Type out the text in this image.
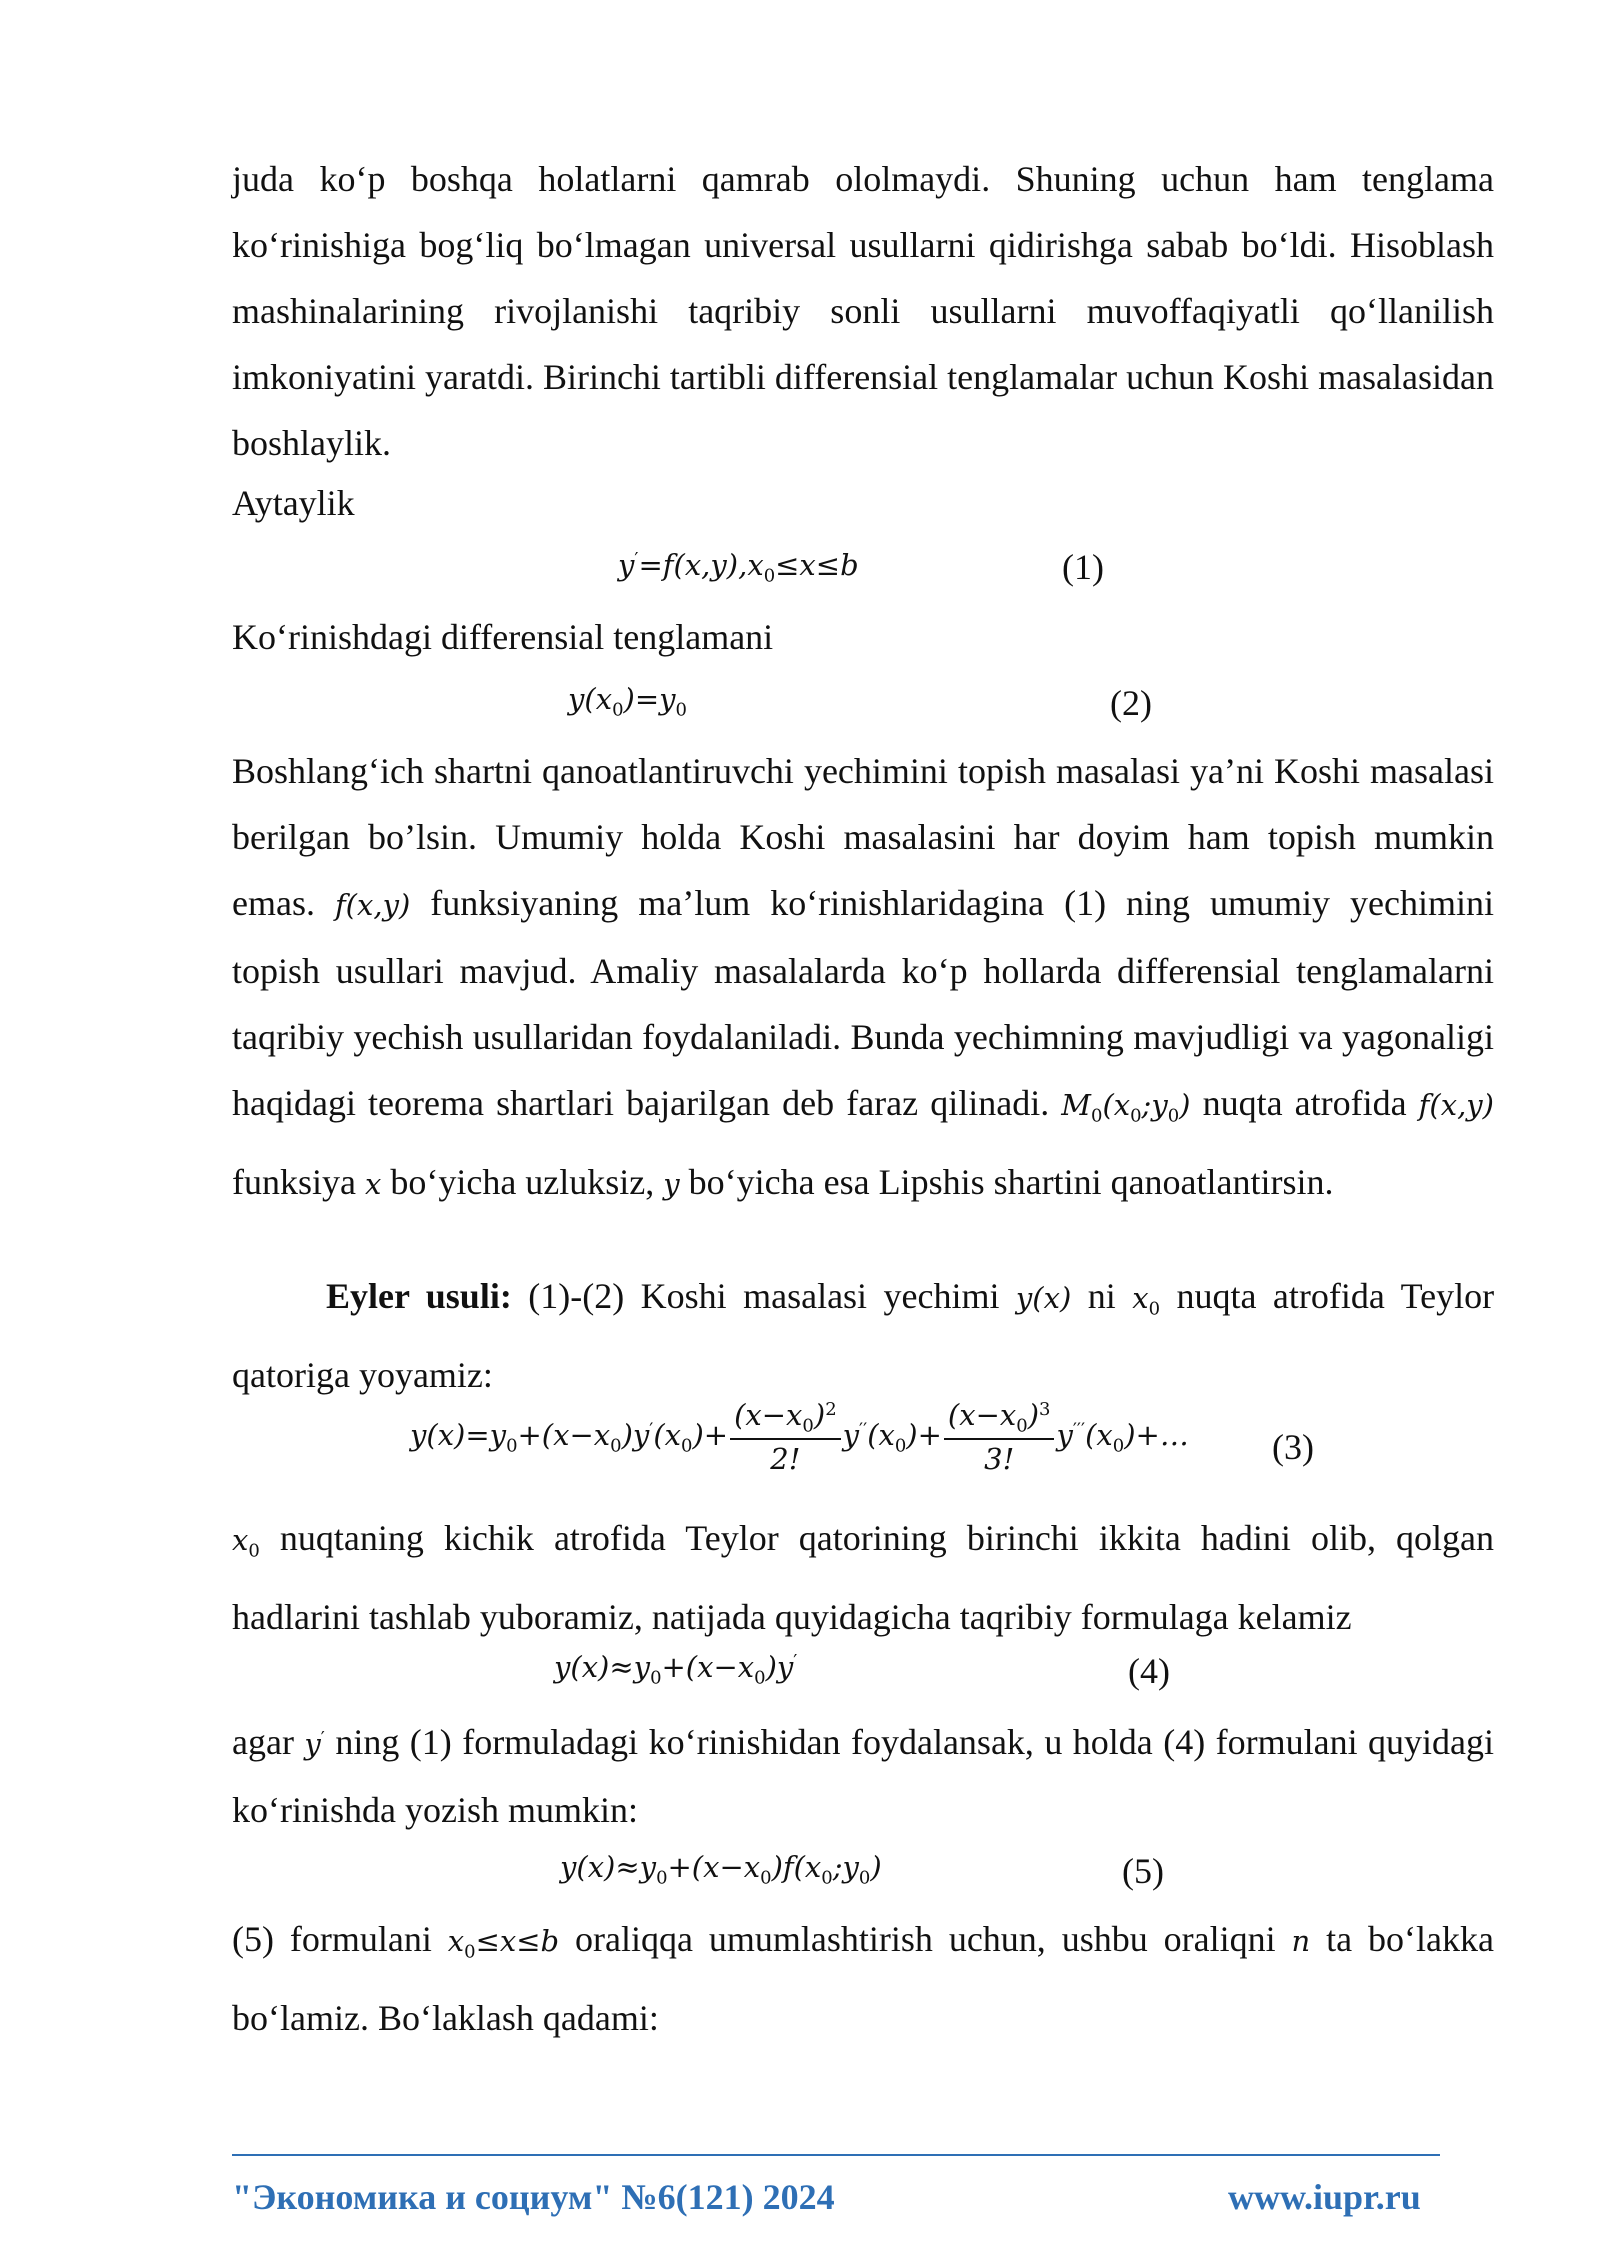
juda ko‘p boshqa holatlarni qamrab ololmaydi. Shuning uchun ham tenglama ko‘rinishiga bog‘liq bo‘lmagan universal usullarni qidirishga sabab bo‘ldi. Hisoblash mashinalarining rivojlanishi taqribiy sonli usullarni muvoffaqiyatli qo‘llanilish imkoniyatini yaratdi. Birinchi tartibli differensial tenglamalar uchun Koshi masalasidan boshlaylik.

Aytaylik

$y'=f(x,y),x_0\le x\le b$	(1)

Ko‘rinishdagi differensial tenglamani

$y(x_0)=y_0$	(2)

Boshlang‘ich shartni qanoatlantiruvchi yechimini topish masalasi ya’ni Koshi masalasi berilgan bo’lsin. Umumiy holda Koshi masalasini har doyim ham topish mumkin emas. f(x,y) funksiyaning ma’lum ko‘rinishlaridagina (1) ning umumiy yechimini topish usullari mavjud. Amaliy masalalarda ko‘p hollarda differensial tenglamalarni taqribiy yechish usullaridan foydalaniladi. Bunda yechimning mavjudligi va yagonaligi haqidagi teorema shartlari bajarilgan deb faraz qilinadi. $M_0(x_0;y_0)$ nuqta atrofida f(x,y) funksiya x bo‘yicha uzluksiz, y bo‘yicha esa Lipshis shartini qanoatlantirsin.

Eyler usuli: (1)-(2) Koshi masalasi yechimi y(x) ni $x_0$ nuqta atrofida Teylor qatoriga yoyamiz:

$y(x)=y_0+(x-x_0)y'(x_0)+ \frac{(x-x_0)^2}{2!} y''(x_0)+ \frac{(x-x_0)^3}{3!}$ $y'''(x_0)+\dots$ (3)

$x_0$ nuqtaning kichik atrofida Teylor qatorining birinchi ikkita hadini olib, qolgan hadlarini tashlab yuboramiz, natijada quyidagicha taqribiy formulaga kelamiz

$y(x)\approx y_0+(x-x_0)y'$	(4)

agar y′ ning (1) formuladagi ko‘rinishidan foydalansak, u holda (4) formulani quyidagi ko‘rinishda yozish mumkin:

$y(x)\approx y_0+(x-x_0)f(x_0;y_0)$	(5)

(5) formulani $x_0\le x\le b$ oraliqqa umumlashtirish uchun, ushbu oraliqni n ta bo‘lakka bo‘lamiz. Bo‘laklash qadami:

"Экономика и социум" №6(121) 2024	www.iupr.ru
